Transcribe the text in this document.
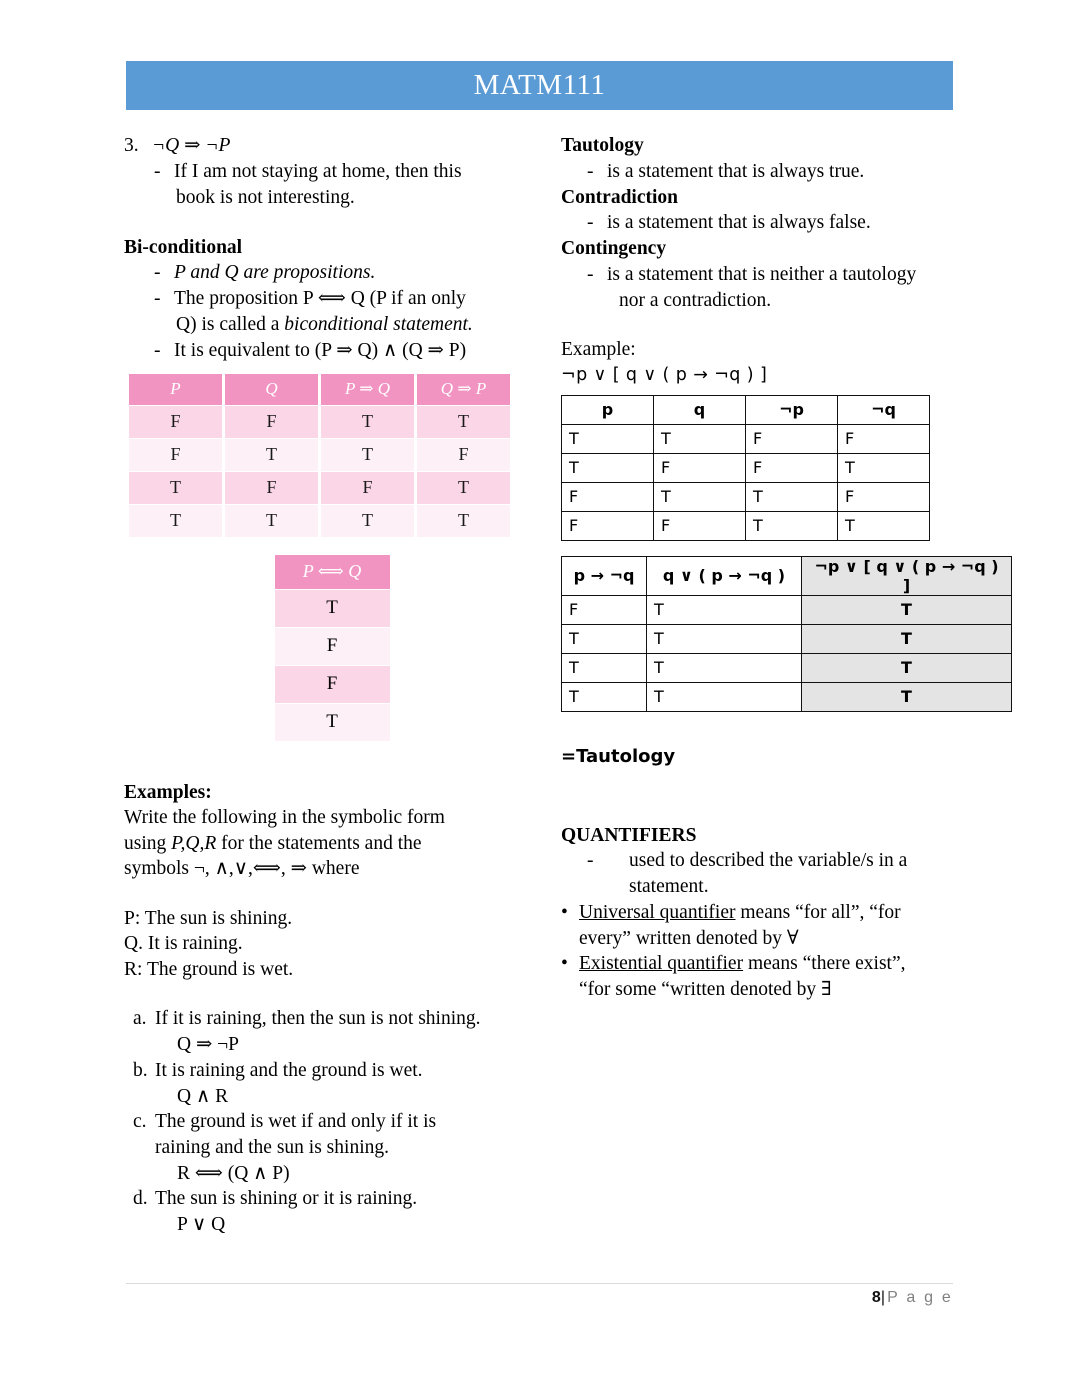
MATM111
3. ¬Q ⇒ ¬P
- If I am not staying at home, then this
book is not interesting.
Bi-conditional
- P and Q are propositions.
- The proposition P ⟺ Q (P if an only
Q) is called a biconditional statement.
- It is equivalent to (P ⇒ Q) ∧ (Q ⇒ P)
P	Q	P ⇒ Q	Q ⇒ P
F	F	T	T
F	T	T	F
T	F	F	T
T	T	T	T
P ⟺ Q
T
F
F
T
Examples:
Write the following in the symbolic form
using P,Q,R for the statements and the
symbols ¬, ∧,∨,⟺, ⇒ where
P: The sun is shining.
Q. It is raining.
R: The ground is wet.
a. If it is raining, then the sun is not shining.
Q ⇒ ¬P
b. It is raining and the ground is wet.
Q ∧ R
c. The ground is wet if and only if it is
raining and the sun is shining.
R ⟺ (Q ∧ P)
d. The sun is shining or it is raining.
P ∨ Q
Tautology
- is a statement that is always true.
Contradiction
- is a statement that is always false.
Contingency
- is a statement that is neither a tautology
nor a contradiction.
Example:
¬p ∨ [ q ∨ ( p → ¬q ) ]
p	q	¬p	¬q
T	T	F	F
T	F	F	T
F	T	T	F
F	F	T	T
p → ¬q	q ∨ ( p → ¬q )	¬p ∨ [ q ∨ ( p → ¬q ) ]
F	T	T
T	T	T
T	T	T
T	T	T
=Tautology
QUANTIFIERS
-	used to described the variable/s in a
statement.
• Universal quantifier means “for all”, “for
every” written denoted by ∀
• Existential quantifier means “there exist”,
“for some “written denoted by ∃
8|P a g e
